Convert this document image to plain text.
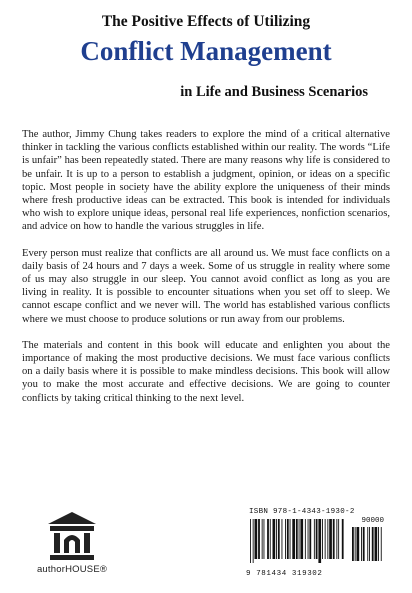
The Positive Effects of Utilizing
Conflict Management
in Life and Business Scenarios

The author, Jimmy Chung takes readers to explore the mind of a critical alternative thinker in tackling the various conflicts established within our reality. The words “Life is unfair” has been repeatedly stated. There are many reasons why life is considered to be unfair. It is up to a person to establish a judgment, opinion, or ideas on a specific topic. Most people in society have the ability explore the uniqueness of their minds where fresh productive ideas can be extracted. This book is intended for individuals who wish to explore unique ideas, personal real life experiences, nonfiction scenarios, and advice on how to handle the various struggles in life.

Every person must realize that conflicts are all around us. We must face conflicts on a daily basis of 24 hours and 7 days a week. Some of us struggle in reality where some of us may also struggle in our sleep. You cannot avoid conflict as long as you are living in reality. It is possible to encounter situations when you set off to sleep. We cannot escape conflict and we never will. The world has established various conflicts where we must choose to produce solutions or run away from our problems.

The materials and content in this book will educate and enlighten you about the importance of making the most productive decisions. We must face various conflicts on a daily basis where it is possible to make mindless decisions. This book will allow you to make the most accurate and effective decisions. We are going to counter conflicts by taking critical thinking to the next level.

authorHOUSE®
ISBN 978-1-4343-1930-2
90000
9 781434 319302
